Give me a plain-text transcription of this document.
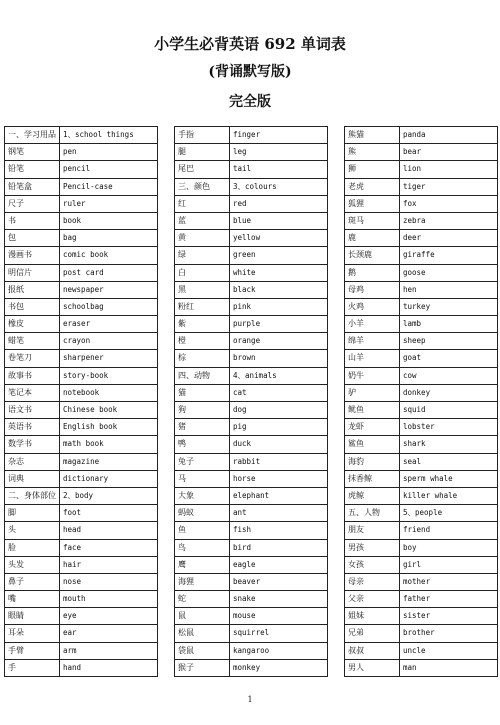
小学生必背英语 692 单词表
(背诵默写版)
完全版
一、学习用品 1、school things
钢笔	pen
铅笔	pencil
铅笔盒	Pencil-case
尺子	ruler
书	book
包	bag
漫画书	comic book
明信片	post card
报纸	newspaper
书包	schoolbag
橡皮	eraser
蜡笔	crayon
卷笔刀	sharpener
故事书	story-book
笔记本	notebook
语文书	Chinese book
英语书	English book
数学书	math book
杂志	magazine
词典	dictionary
二、身体部位 2、body
脚	foot
头	head
脸	face
头发	hair
鼻子	nose
嘴	mouth
眼睛	eye
耳朵	ear
手臂	arm
手	hand
手指	finger
腿	leg
尾巴	tail
三、颜色	3、colours
红	red
蓝	blue
黄	yellow
绿	green
白	white
黑	black
粉红	pink
紫	purple
橙	orange
棕	brown
四、动物	4、animals
猫	cat
狗	dog
猪	pig
鸭	duck
兔子	rabbit
马	horse
大象	elephant
蚂蚁	ant
鱼	fish
鸟	bird
鹰	eagle
海狸	beaver
蛇	snake
鼠	mouse
松鼠	squirrel
袋鼠	kangaroo
猴子	monkey
熊猫	panda
熊	bear
狮	lion
老虎	tiger
狐狸	fox
斑马	zebra
鹿	deer
长颈鹿	giraffe
鹅	goose
母鸡	hen
火鸡	turkey
小羊	lamb
绵羊	sheep
山羊	goat
奶牛	cow
驴	donkey
鱿鱼	squid
龙虾	lobster
鲨鱼	shark
海豹	seal
抹香鲸	sperm whale
虎鲸	killer whale
五、人物	5、people
朋友	friend
男孩	boy
女孩	girl
母亲	mother
父亲	father
姐妹	sister
兄弟	brother
叔叔	uncle
男人	man
1
